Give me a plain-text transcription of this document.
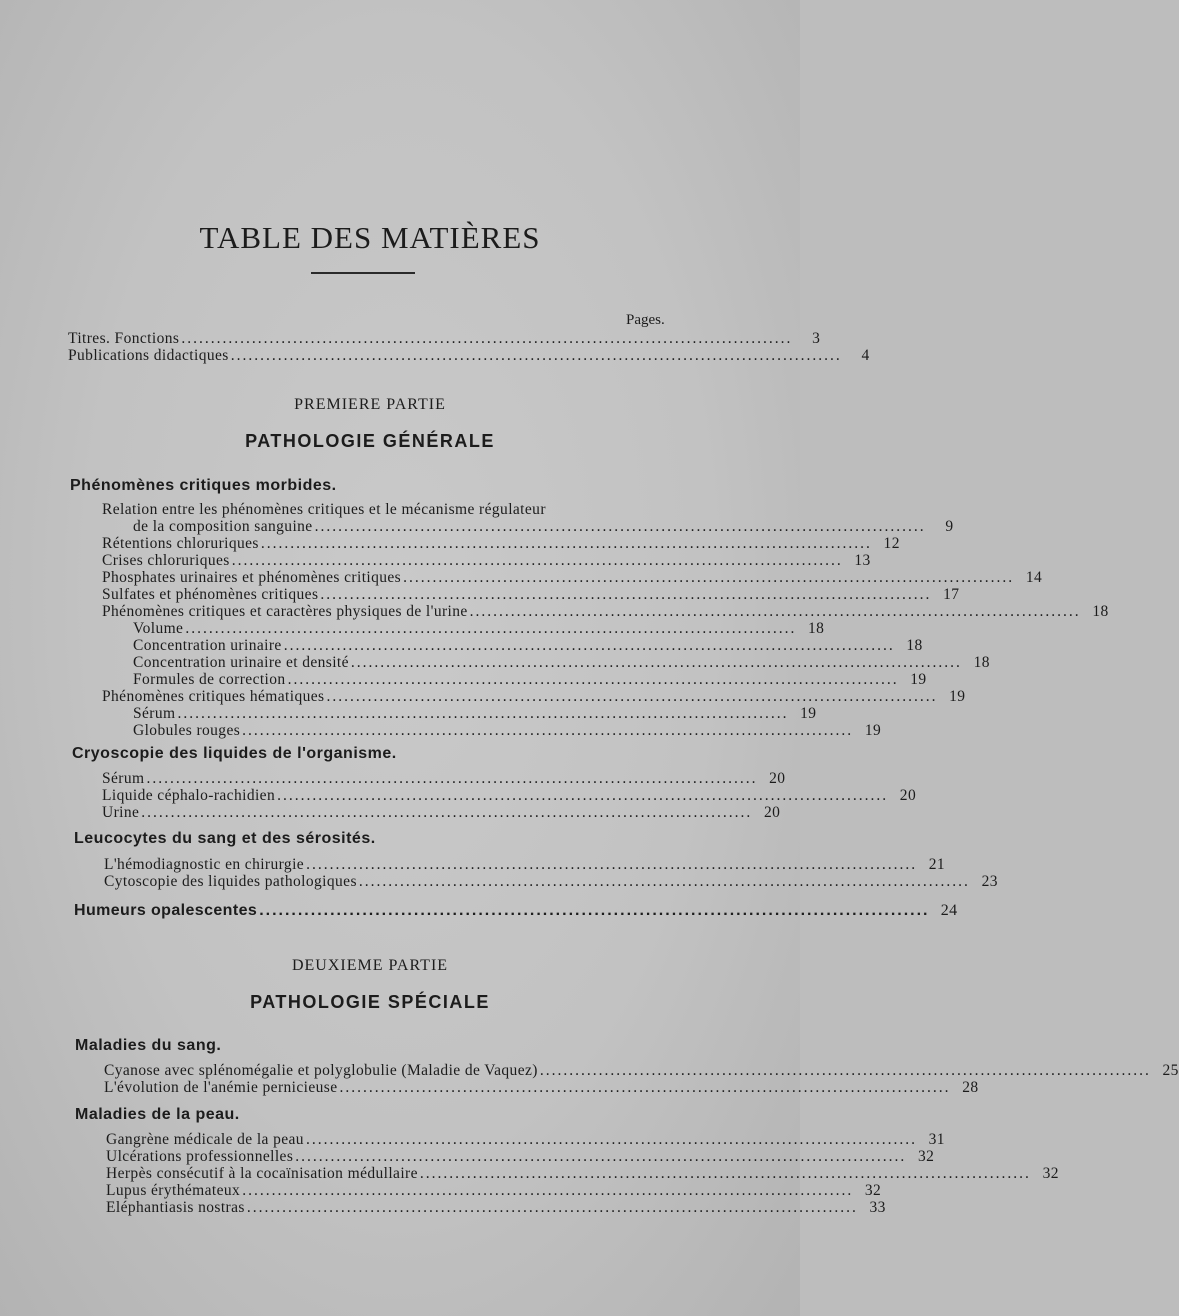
TABLE DES MATIÈRES
Pages.
Titres. Fonctions ........................................................................................................	3
Publications didactiques ........................................................................................................	4
PREMIERE PARTIE
PATHOLOGIE GÉNÉRALE
Phénomènes critiques morbides.
Relation entre les phénomènes critiques et le mécanisme régulateur
de la composition sanguine ........................................................................................................	9
Rétentions chloruriques ........................................................................................................ 12
Crises chloruriques ........................................................................................................ 13
Phosphates urinaires et phénomènes critiques ........................................................................................................ 14
Sulfates et phénomènes critiques ........................................................................................................ 17
Phénomènes critiques et caractères physiques de l'urine ........................................................................................................ 18
Volume ........................................................................................................ 18
Concentration urinaire ........................................................................................................ 18
Concentration urinaire et densité ........................................................................................................ 18
Formules de correction ........................................................................................................ 19
Phénomènes critiques hématiques ........................................................................................................ 19
Sérum ........................................................................................................ 19
Globules rouges ........................................................................................................ 19
Cryoscopie des liquides de l'organisme.
Sérum ........................................................................................................ 20
Liquide céphalo-rachidien ........................................................................................................ 20
Urine ........................................................................................................ 20
Leucocytes du sang et des sérosités.
L'hémodiagnostic en chirurgie ........................................................................................................ 21
Cytoscopie des liquides pathologiques ........................................................................................................ 23
Humeurs opalescentes ........................................................................................................ 24
DEUXIEME PARTIE
PATHOLOGIE SPÉCIALE
Maladies du sang.
Cyanose avec splénomégalie et polyglobulie (Maladie de Vaquez) ........................................................................................................ 25
L'évolution de l'anémie pernicieuse ........................................................................................................ 28
Maladies de la peau.
Gangrène médicale de la peau ........................................................................................................ 31
Ulcérations professionnelles ........................................................................................................ 32
Herpès consécutif à la cocaïnisation médullaire ........................................................................................................ 32
Lupus érythémateux ........................................................................................................ 32
Eléphantiasis nostras ........................................................................................................ 33
